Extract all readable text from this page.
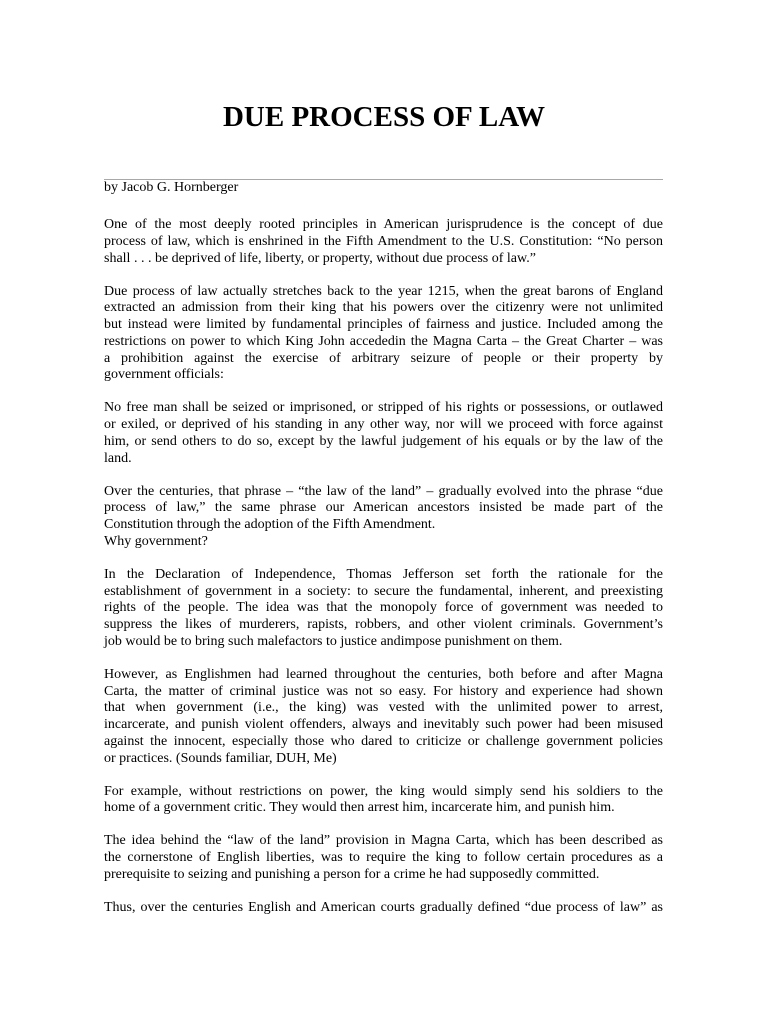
DUE PROCESS OF LAW
by Jacob G. Hornberger
One of the most deeply rooted principles in American jurisprudence is the concept of due
process of law, which is enshrined in the Fifth Amendment to the U.S. Constitution: “No person
shall . . . be deprived of life, liberty, or property, without due process of law.”
Due process of law actually stretches back to the year 1215, when the great barons of England
extracted an admission from their king that his powers over the citizenry were not unlimited
but instead were limited by fundamental principles of fairness and justice. Included among the
restrictions on power to which King John accededin the Magna Carta – the Great Charter – was
a prohibition against the exercise of arbitrary seizure of people or their property by
government officials:
No free man shall be seized or imprisoned, or stripped of his rights or possessions, or outlawed
or exiled, or deprived of his standing in any other way, nor will we proceed with force against
him, or send others to do so, except by the lawful judgement of his equals or by the law of the
land.
Over the centuries, that phrase – “the law of the land” – gradually evolved into the phrase “due
process of law,” the same phrase our American ancestors insisted be made part of the
Constitution through the adoption of the Fifth Amendment.
Why government?
In the Declaration of Independence, Thomas Jefferson set forth the rationale for the
establishment of government in a society: to secure the fundamental, inherent, and preexisting
rights of the people. The idea was that the monopoly force of government was needed to
suppress the likes of murderers, rapists, robbers, and other violent criminals. Government’s
job would be to bring such malefactors to justice andimpose punishment on them.
However, as Englishmen had learned throughout the centuries, both before and after Magna
Carta, the matter of criminal justice was not so easy. For history and experience had shown
that when government (i.e., the king) was vested with the unlimited power to arrest,
incarcerate, and punish violent offenders, always and inevitably such power had been misused
against the innocent, especially those who dared to criticize or challenge government policies
or practices. (Sounds familiar, DUH, Me)
For example, without restrictions on power, the king would simply send his soldiers to the
home of a government critic. They would then arrest him, incarcerate him, and punish him.
The idea behind the “law of the land” provision in Magna Carta, which has been described as
the cornerstone of English liberties, was to require the king to follow certain procedures as a
prerequisite to seizing and punishing a person for a crime he had supposedly committed.
Thus, over the centuries English and American courts gradually defined “due process of law” as
